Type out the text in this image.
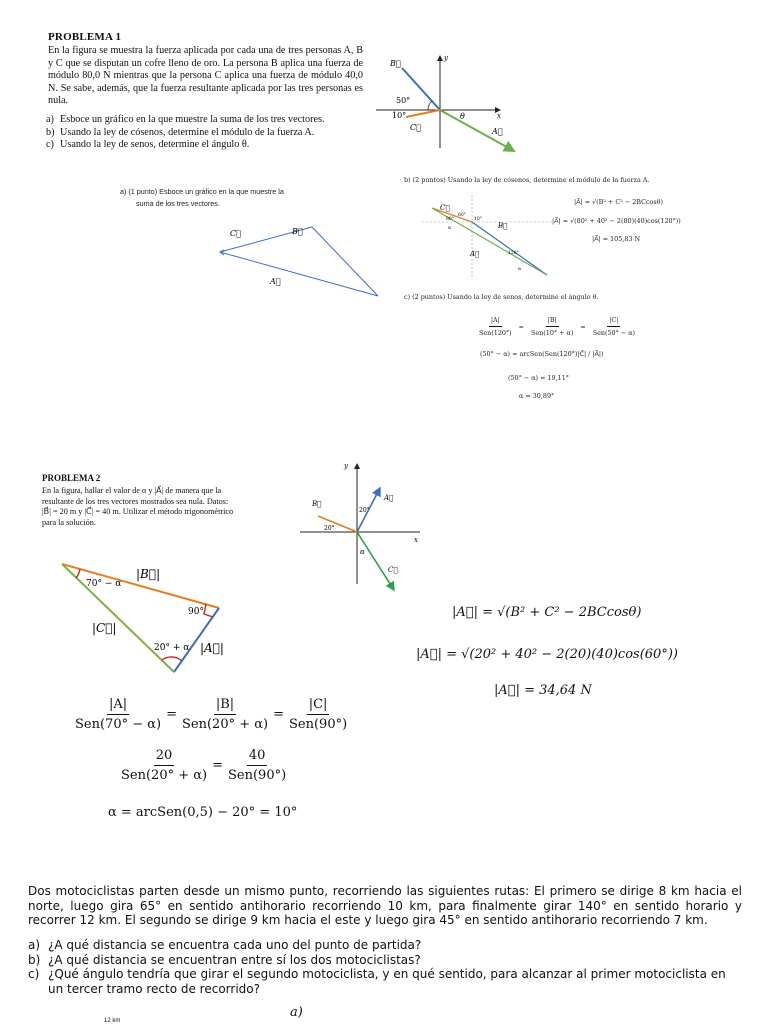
PROBLEMA 1
En la figura se muestra la fuerza aplicada por cada una de tres personas A, B y C que se disputan un cofre lleno de oro. La persona B aplica una fuerza de módulo 80,0 N mientras que la persona C aplica una fuerza de módulo 40,0 N. Se sabe, además, que la fuerza resultante aplicada por las tres personas es nula.
a) Esboce un gráfico en la que muestre la suma de los tres vectores.
b) Usando la ley de cósenos, determine el módulo de la fuerza A.
c) Usando la ley de senos, determine el ángulo θ.
y
x
B⃗
C⃗	A⃗
50°
10°	θ
a) (1 punto) Esboce un gráfico en la que muestre la
suma de los tres vectores.
C⃗	B⃗
A⃗
b) (2 puntos) Usando la ley de cósenos, determine el módulo de la fuerza A.
C⃗
B⃗
A⃗
80°
60°
10°
α
120°
α
|A⃗| = √(B² + C² − 2BCcosθ)
|A⃗| = √(80² + 40² − 2(80)(40)cos(120°))
|A⃗| = 105,83 N
c) (2 puntos) Usando la ley de senos, determine el ángulo θ.
$\frac{|A|}{\text{Sen(120°)}} = \frac{|B|}{\text{Sen(10° + α)}} = \frac{|C|}{\text{Sen(50° − α)}}$
(50° − α) = arcSen(Sen(120°)|C⃗| / |A⃗|)
(50° − α) = 19,11°
α = 30,89°
PROBLEMA 2
En la figura, hallar el valor de α y |A⃗| de manera que la
resultante de los tres vectores mostrados sea nula. Datos:
|B⃗| = 20 m y |C⃗| = 40 m. Utilizar el método trigonométrico
para la solución.
y
x
A⃗
B⃗
C⃗
20°
20°
α
|B⃗|
|C⃗|
|A⃗|
70° − α
90°
20° + α
|A⃗| = √(B² + C² − 2BCcosθ)
|A⃗| = √(20² + 40² − 2(20)(40)cos(60°))
|A⃗| = 34,64 N
$\frac{|A|}{\text{Sen(70° − α)}} = \frac{|B|}{\text{Sen(20° + α)}} = \frac{|C|}{\text{Sen(90°)}}$
$\frac{20}{\text{Sen(20° + α)}} = \frac{40}{\text{Sen(90°)}}$
α = arcSen(0,5) − 20° = 10°
Dos motociclistas parten desde un mismo punto, recorriendo las siguientes rutas: El primero se dirige 8 km hacia el norte, luego gira 65° en sentido antihorario recorriendo 10 km, para finalmente girar 140° en sentido horario y recorrer 12 km. El segundo se dirige 9 km hacia el este y luego gira 45° en sentido antihorario recorriendo 7 km.
a) ¿A qué distancia se encuentra cada uno del punto de partida?
b) ¿A qué distancia se encuentran entre sí los dos motociclistas?
c) ¿Qué ángulo tendría que girar el segundo motociclista, y en qué sentido, para alcanzar al primer motociclista en un tercer tramo recto de recorrido?
a)
12 km
